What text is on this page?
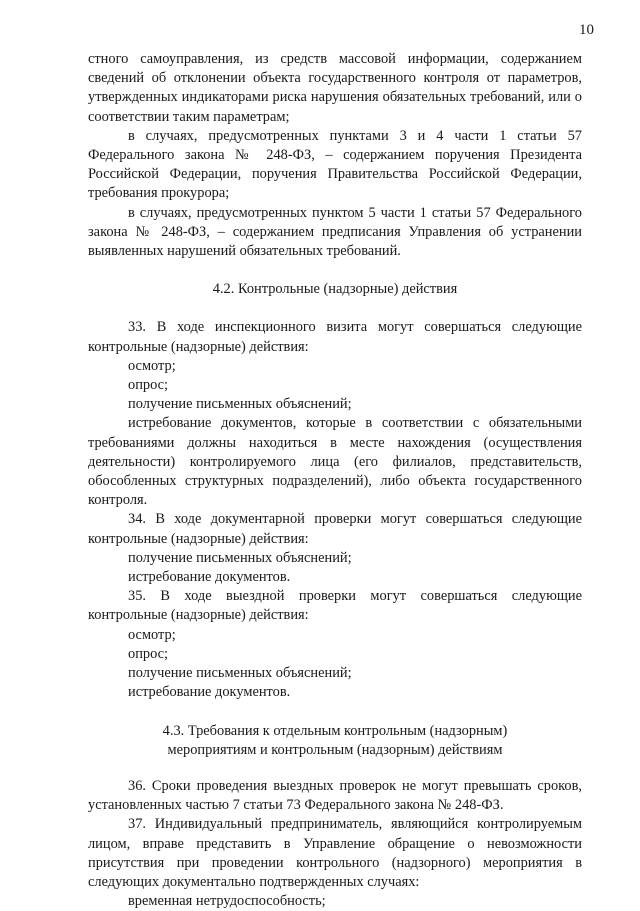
10

стного самоуправления, из средств массовой информации, содержанием сведений об отклонении объекта государственного контроля от параметров, утвержденных индикаторами риска нарушения обязательных требований, или о соответствии таким параметрам;

в случаях, предусмотренных пунктами 3 и 4 части 1 статьи 57 Федерального закона № 248-ФЗ, – содержанием поручения Президента Российской Федерации, поручения Правительства Российской Федерации, требования прокурора;

в случаях, предусмотренных пунктом 5 части 1 статьи 57 Федерального закона № 248-ФЗ, – содержанием предписания Управления об устранении выявленных нарушений обязательных требований.

4.2. Контрольные (надзорные) действия

33. В ходе инспекционного визита могут совершаться следующие контрольные (надзорные) действия:

осмотр;

опрос;

получение письменных объяснений;

истребование документов, которые в соответствии с обязательными требованиями должны находиться в месте нахождения (осуществления деятельности) контролируемого лица (его филиалов, представительств, обособленных структурных подразделений), либо объекта государственного контроля.

34. В ходе документарной проверки могут совершаться следующие контрольные (надзорные) действия:

получение письменных объяснений;

истребование документов.

35. В ходе выездной проверки могут совершаться следующие контрольные (надзорные) действия:

осмотр;

опрос;

получение письменных объяснений;

истребование документов.

4.3. Требования к отдельным контрольным (надзорным)

мероприятиям и контрольным (надзорным) действиям

36. Сроки проведения выездных проверок не могут превышать сроков, установленных частью 7 статьи 73 Федерального закона № 248-ФЗ.

37. Индивидуальный предприниматель, являющийся контролируемым лицом, вправе представить в Управление обращение о невозможности присутствия при проведении контрольного (надзорного) мероприятия в следующих документально подтвержденных случаях:

временная нетрудоспособность;
